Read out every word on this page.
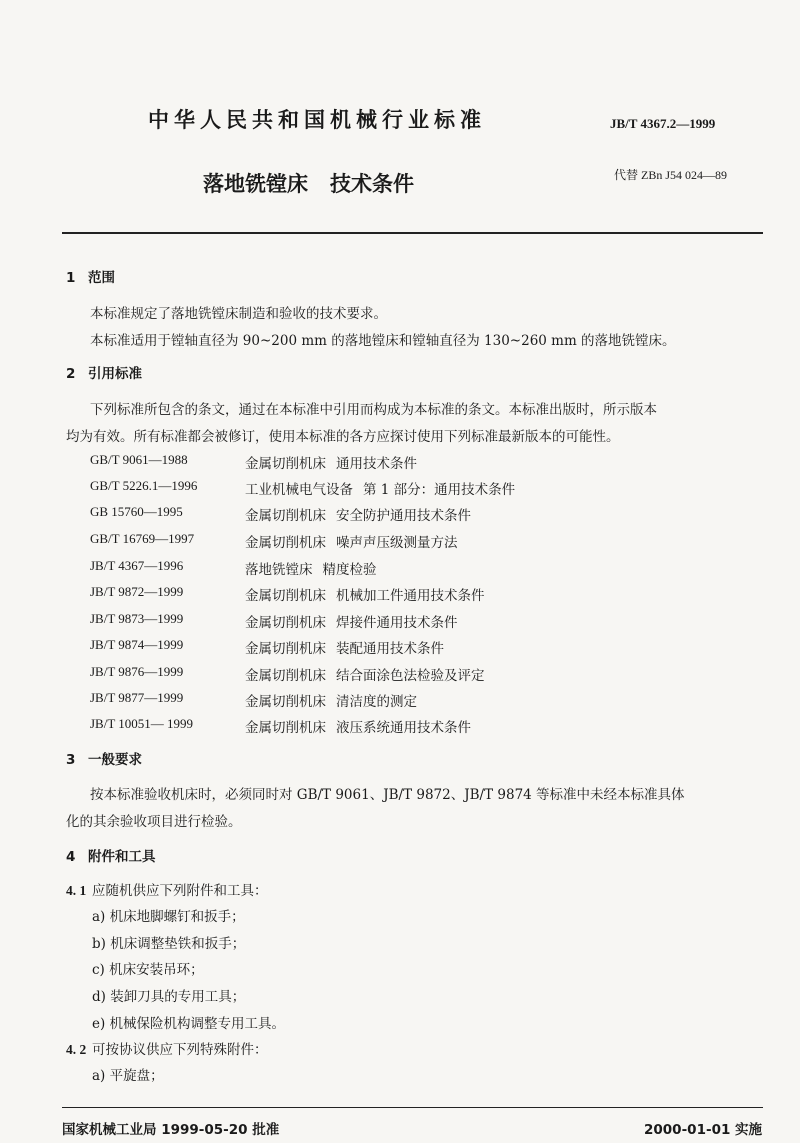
中华人民共和国机械行业标准	JB/T 4367.2—1999
落地铣镗床 技术条件	代替 ZBn J54 024—89
1 范围
本标准规定了落地铣镗床制造和验收的技术要求。
本标准适用于镗轴直径为 90~200 mm 的落地镗床和镗轴直径为 130~260 mm 的落地铣镗床。
2 引用标准
下列标准所包含的条文，通过在本标准中引用而构成为本标准的条文。本标准出版时，所示版本
均为有效。所有标准都会被修订，使用本标准的各方应探讨使用下列标准最新版本的可能性。
GB/T 9061—1988	金属切削机床 通用技术条件
GB/T 5226.1—1996	工业机械电气设备 第 1 部分：通用技术条件
GB 15760—1995	金属切削机床 安全防护通用技术条件
GB/T 16769—1997	金属切削机床 噪声声压级测量方法
JB/T 4367—1996	落地铣镗床 精度检验
JB/T 9872—1999	金属切削机床 机械加工件通用技术条件
JB/T 9873—1999	金属切削机床 焊接件通用技术条件
JB/T 9874—1999	金属切削机床 装配通用技术条件
JB/T 9876—1999	金属切削机床 结合面涂色法检验及评定
JB/T 9877—1999	金属切削机床 清洁度的测定
JB/T 10051— 1999	金属切削机床 液压系统通用技术条件
3 一般要求
按本标准验收机床时，必须同时对 GB/T 9061、JB/T 9872、JB/T 9874 等标准中未经本标准具体
化的其余验收项目进行检验。
4 附件和工具
4. 1 应随机供应下列附件和工具：
a) 机床地脚螺钉和扳手；
b) 机床调整垫铁和扳手；
c) 机床安装吊环；
d) 装卸刀具的专用工具；
e) 机械保险机构调整专用工具。
4. 2 可按协议供应下列特殊附件：
a) 平旋盘；
国家机械工业局 1999-05-20 批准	2000-01-01 实施
